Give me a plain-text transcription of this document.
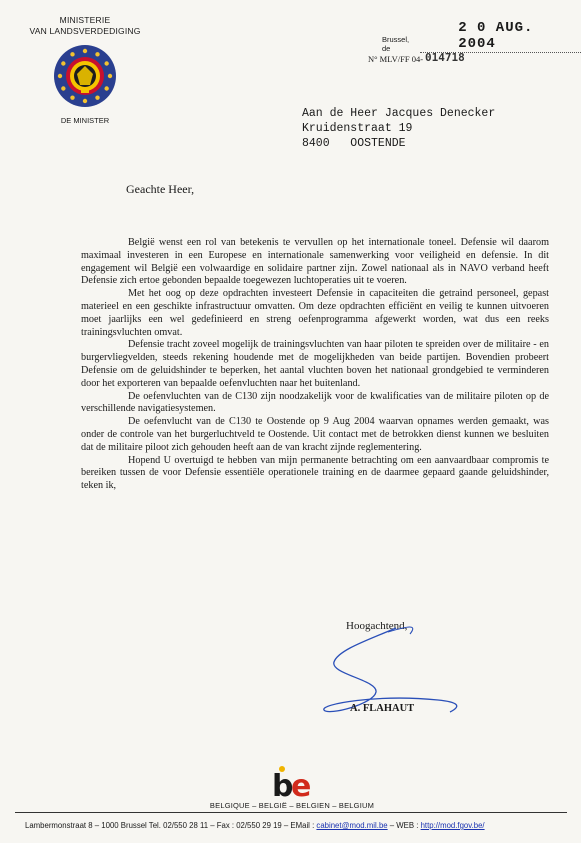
MINISTERIE
VAN LANDSVERDEDIGING
DE MINISTER
Brussel, de
2 0 AUG. 2004
N° MLV/FF 04- 014718
Aan de Heer Jacques Denecker
Kruidenstraat 19
8400   OOSTENDE
Geachte Heer,

België wenst een rol van betekenis te vervullen op het internationale toneel. Defensie wil daarom maximaal investeren in een Europese en internationale samenwerking voor veiligheid en defensie. In dit engagement wil België een volwaardige en solidaire partner zijn. Zowel nationaal als in NAVO verband heeft Defensie zich ertoe gebonden bepaalde toegewezen luchtoperaties uit te voeren.

Met het oog op deze opdrachten investeert Defensie in capaciteiten die getraind personeel, gepast materieel en een geschikte infrastructuur omvatten. Om deze opdrachten efficiënt en veilig te kunnen uitvoeren moet jaarlijks een wel gedefinieerd en streng oefenprogramma afgewerkt worden, wat dus een reeks trainingsvluchten omvat.

Defensie tracht zoveel mogelijk de trainingsvluchten van haar piloten te spreiden over de militaire - en burgervliegvelden, steeds rekening houdende met de mogelijkheden van beide partijen. Bovendien probeert Defensie om de geluidshinder te beperken, het aantal vluchten boven het nationaal grondgebied te verminderen door het exporteren van bepaalde oefenvluchten naar het buitenland.

De oefenvluchten van de C130 zijn noodzakelijk voor de kwalificaties van de militaire piloten op de verschillende navigatiesystemen.

De oefenvlucht van de C130 te Oostende op 9 Aug 2004 waarvan opnames werden gemaakt, was onder de controle van het burgerluchtveld te Oostende. Uit contact met de betrokken dienst kunnen we besluiten dat de militaire piloot zich gehouden heeft aan de van kracht zijnde reglementering.

Hopend U overtuigd te hebben van mijn permanente betrachting om een aanvaardbaar compromis te bereiken tussen de voor Defensie essentiële operationele training en de daarmee gepaard gaande geluidshinder, teken ik,

Hoogachtend,
A. FLAHAUT
b
e
BELGIQUE – BELGIË – BELGIEN – BELGIUM
Lambermonstraat 8 – 1000 Brussel Tel. 02/550 28 11 – Fax : 02/550 29 19 – EMail : cabinet@mod.mil.be – WEB : http://mod.fgov.be/
